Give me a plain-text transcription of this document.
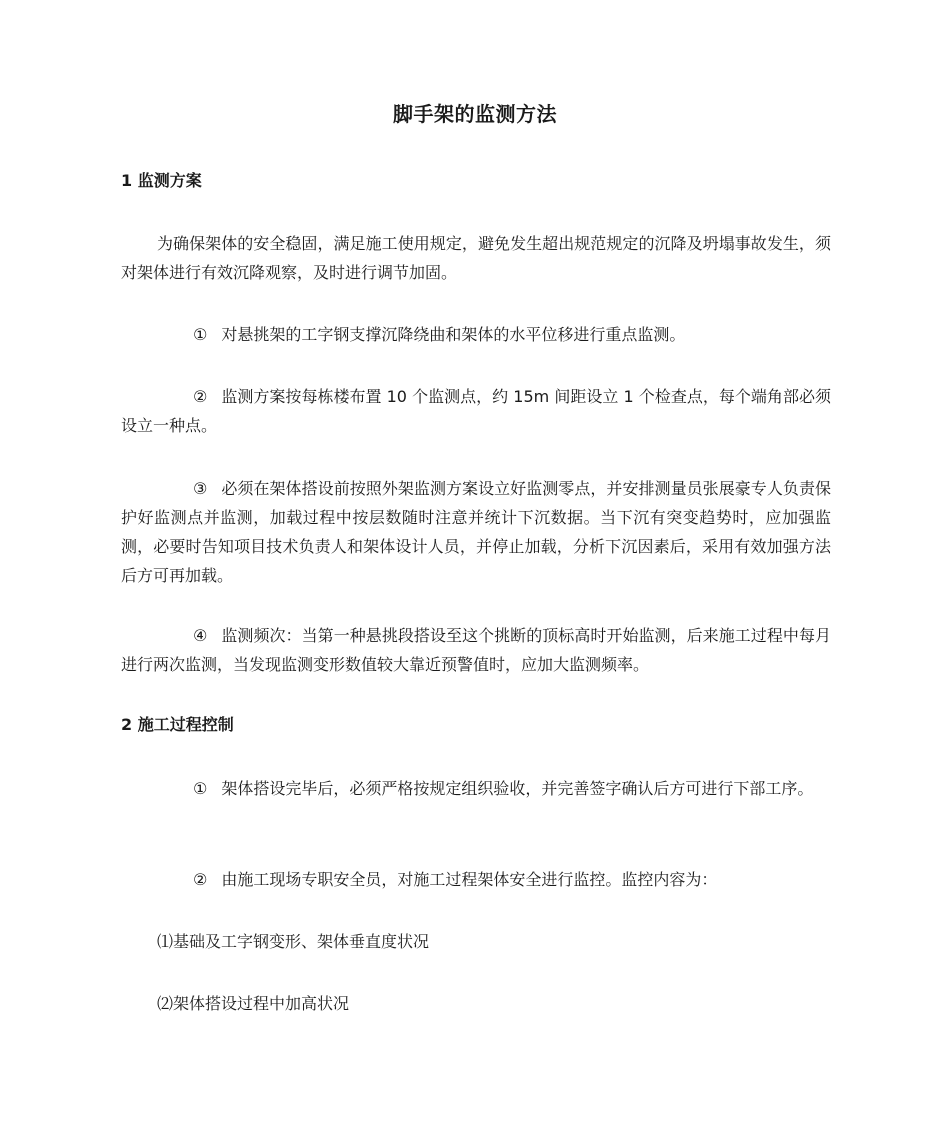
脚手架的监测方法
1 监测方案
为确保架体的安全稳固，满足施工使用规定，避免发生超出规范规定的沉降及坍塌事故发生，须对架体进行有效沉降观察，及时进行调节加固。
① 对悬挑架的工字钢支撑沉降绕曲和架体的水平位移进行重点监测。
② 监测方案按每栋楼布置 10 个监测点，约 15m 间距设立 1 个检查点，每个端角部必须设立一种点。
③ 必须在架体搭设前按照外架监测方案设立好监测零点，并安排测量员张展豪专人负责保护好监测点并监测，加载过程中按层数随时注意并统计下沉数据。当下沉有突变趋势时，应加强监测，必要时告知项目技术负责人和架体设计人员，并停止加载，分析下沉因素后，采用有效加强方法后方可再加载。
④ 监测频次：当第一种悬挑段搭设至这个挑断的顶标高时开始监测，后来施工过程中每月进行两次监测，当发现监测变形数值较大靠近预警值时，应加大监测频率。
2 施工过程控制
① 架体搭设完毕后，必须严格按规定组织验收，并完善签字确认后方可进行下部工序。
② 由施工现场专职安全员，对施工过程架体安全进行监控。监控内容为：
⑴基础及工字钢变形、架体垂直度状况
⑵架体搭设过程中加高状况
